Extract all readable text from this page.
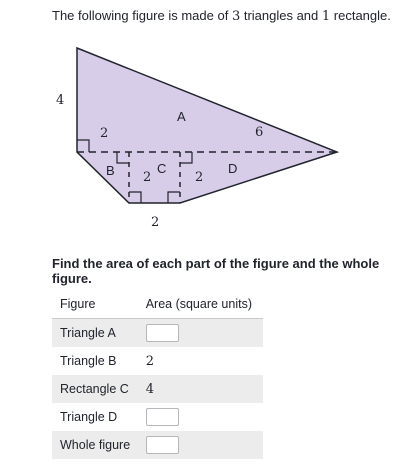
The following figure is made of 3 triangles and 1 rectangle.
4
2	6
2	2
2
A
B	C	D
Find the area of each part of the figure and the whole figure.
Figure	Area (square units)
Triangle A	
Triangle B	2
Rectangle C	4
Triangle D	
Whole figure	
